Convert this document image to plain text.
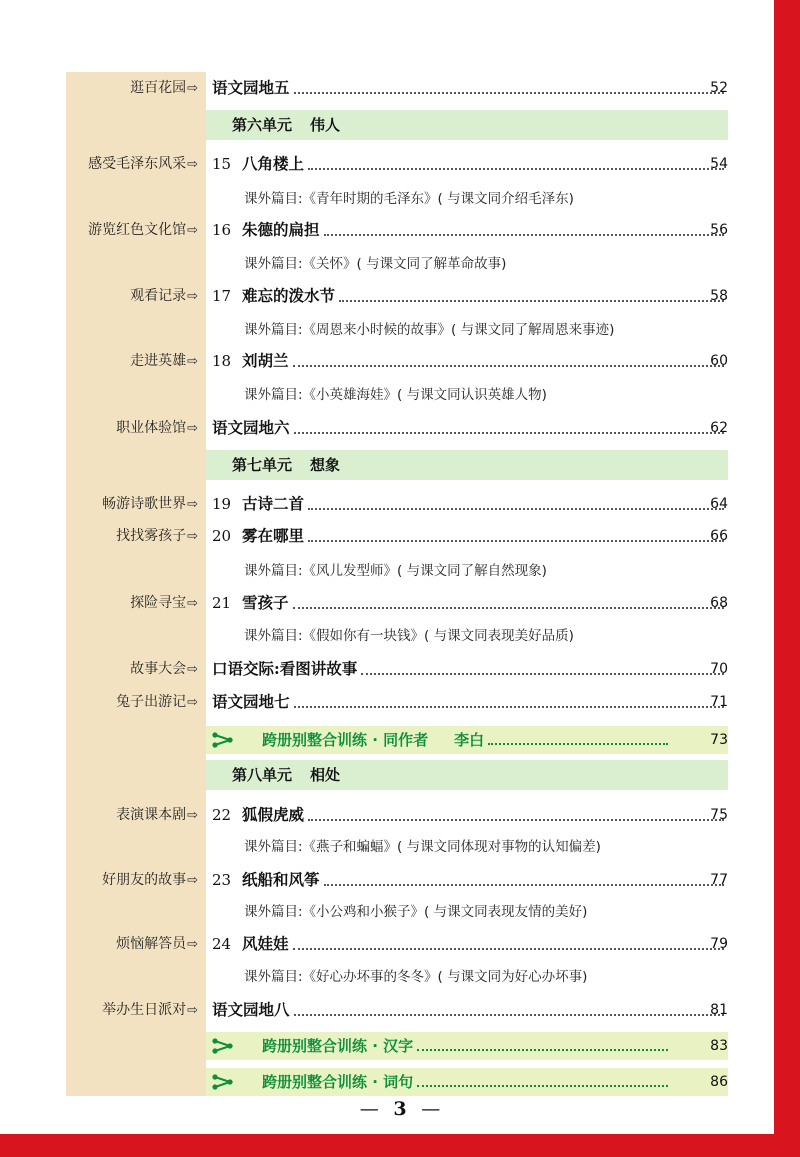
逛百花园⇨ 语文园地五	52
第六单元 伟人
感受毛泽东风采⇨ 15 八角楼上	54
课外篇目:《青年时期的毛泽东》( 与课文同介绍毛泽东)
游览红色文化馆⇨ 16 朱德的扁担	56
课外篇目:《关怀》( 与课文同了解革命故事)
观看记录⇨ 17 难忘的泼水节	58
课外篇目:《周恩来小时候的故事》( 与课文同了解周恩来事迹)
走进英雄⇨ 18 刘胡兰	60
课外篇目:《小英雄海娃》( 与课文同认识英雄人物)
职业体验馆⇨ 语文园地六	62
第七单元 想象
畅游诗歌世界⇨ 19 古诗二首	64
找找雾孩子⇨ 20 雾在哪里	66
课外篇目:《风儿发型师》( 与课文同了解自然现象)
探险寻宝⇨ 21 雪孩子	68
课外篇目:《假如你有一块钱》( 与课文同表现美好品质)
故事大会⇨ 口语交际:看图讲故事	70
兔子出游记⇨ 语文园地七	71
跨册别整合训练 · 同作者 李白	73
第八单元 相处
表演课本剧⇨ 22 狐假虎威	75
课外篇目:《燕子和蝙蝠》( 与课文同体现对事物的认知偏差)
好朋友的故事⇨ 23 纸船和风筝	77
课外篇目:《小公鸡和小猴子》( 与课文同表现友情的美好)
烦恼解答员⇨ 24 风娃娃	79
课外篇目:《好心办坏事的冬冬》( 与课文同为好心办坏事)
举办生日派对⇨ 语文园地八	81
跨册别整合训练 · 汉字	83
跨册别整合训练 · 词句	86
— 3 —
